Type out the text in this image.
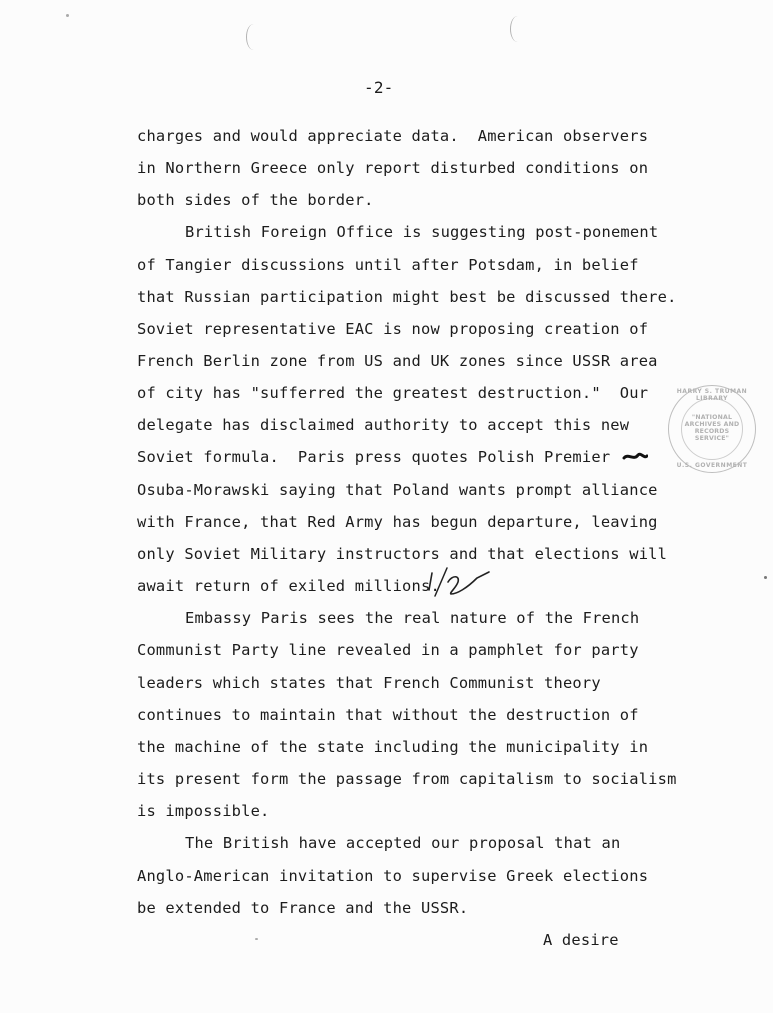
-2-
charges and would appreciate data.  American observers
in Northern Greece only report disturbed conditions on
both sides of the border.
British Foreign Office is suggesting post-ponement
of Tangier discussions until after Potsdam, in belief
that Russian participation might best be discussed there.
Soviet representative EAC is now proposing creation of
French Berlin zone from US and UK zones since USSR area
of city has "sufferred the greatest destruction."  Our
delegate has disclaimed authority to accept this new
Soviet formula.  Paris press quotes Polish Premier
Osuba-Morawski saying that Poland wants prompt alliance
with France, that Red Army has begun departure, leaving
only Soviet Military instructors and that elections will
await return of exiled millions.
Embassy Paris sees the real nature of the French
Communist Party line revealed in a pamphlet for party
leaders which states that French Communist theory
continues to maintain that without the destruction of
the machine of the state including the municipality in
its present form the passage from capitalism to socialism
is impossible.
The British have accepted our proposal that an
Anglo-American invitation to supervise Greek elections
be extended to France and the USSR.
A desire
HARRY S. TRUMAN LIBRARY
"NATIONAL
ARCHIVES AND
RECORDS
SERVICE"
U.S. GOVERNMENT
